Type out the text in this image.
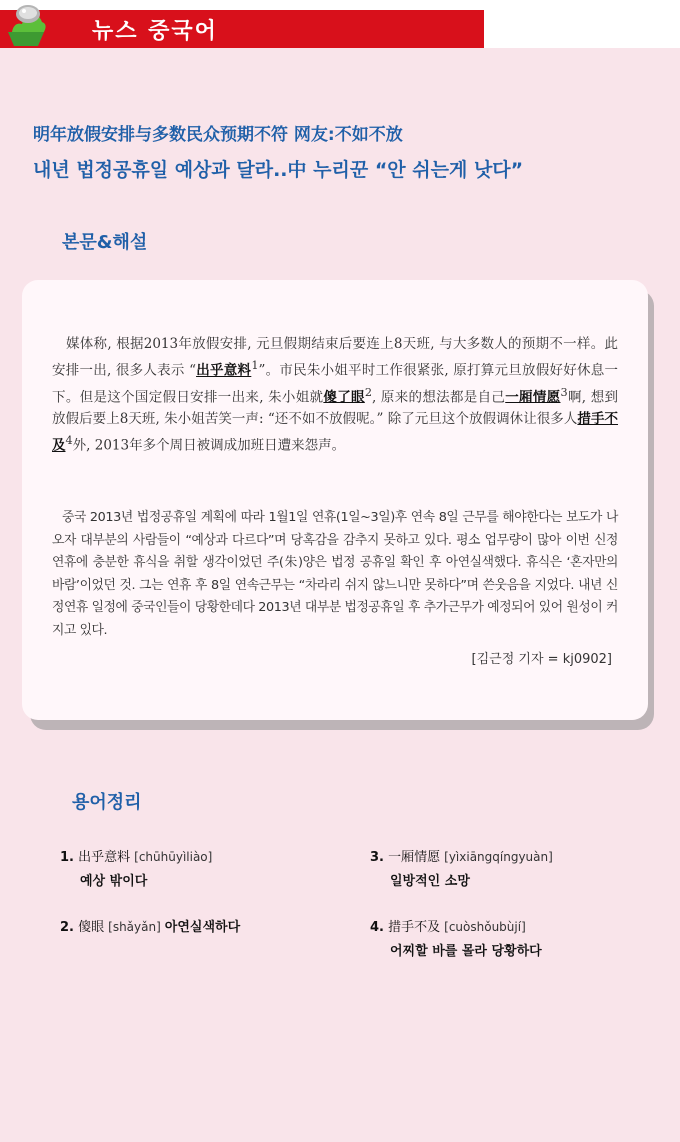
뉴스 중국어
明年放假安排与多数民众预期不符 网友:不如不放
내년 법정공휴일 예상과 달라..中 누리꾼 “안 쉬는게 낫다”
본문&해설
媒体称, 根据2013年放假安排, 元旦假期结束后要连上8天班, 与大多数人的预期不一样。此安排一出, 很多人表示 “出乎意料$^1$”。市民朱小姐平时工作很紧张, 原打算元旦放假好好休息一下。但是这个国定假日安排一出来, 朱小姐就傻了眼$^2$, 原来的想法都是自己一厢情愿$^3$啊, 想到放假后要上8天班, 朱小姐苦笑一声: “还不如不放假呢。” 除了元旦这个放假调休让很多人措手不及$^4$外, 2013年多个周日被调成加班日遭来怨声。
중국 2013년 법정공휴일 계획에 따라 1월1일 연휴(1일~3일)후 연속 8일 근무를 해야한다는 보도가 나오자 대부분의 사람들이 “예상과 다르다”며 당혹감을 감추지 못하고 있다. 평소 업무량이 많아 이번 신정연휴에 충분한 휴식을 취할 생각이었던 주(朱)양은 법정 공휴일 확인 후 아연실색했다. 휴식은 ‘혼자만의 바람’이었던 것. 그는 연휴 후 8일 연속근무는 “차라리 쉬지 않느니만 못하다”며 쓴웃음을 지었다. 내년 신정연휴 일정에 중국인들이 당황한데다 2013년 대부분 법정공휴일 후 추가근무가 예정되어 있어 원성이 커지고 있다.
[김근정 기자 = kj0902]
용어정리
1. 出乎意料 [chūhūyìliào]
예상 밖이다
2. 傻眼 [shǎyǎn] 아연실색하다
3. 一厢情愿 [yìxiāngqíngyuàn]
일방적인 소망
4. 措手不及 [cuòshǒubùjí]
어찌할 바를 몰라 당황하다
